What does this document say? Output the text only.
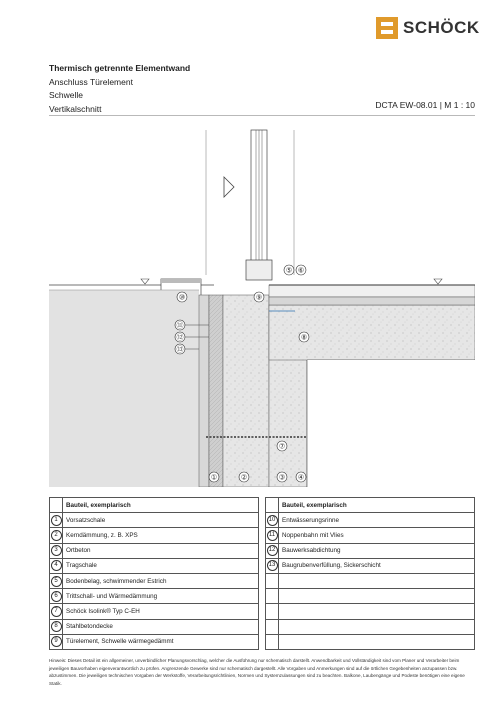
SCHÖCK
Thermisch getrennte Elementwand
Anschluss Türelement
Schwelle
Vertikalschnitt	DCTA EW-08.01 | M 1 : 10
①	②	③ ④
⑤ ⑥
⑦
⑧
⑨
⑩
⑪
⑫
⑬
	Bauteil, exemplarisch			Bauteil, exemplarisch
1	Vorsatzschale		10	Entwässerungsrinne
2	Kerndämmung, z. B. XPS		11	Noppenbahn mit Vlies
3	Ortbeton		12	Bauwerksabdichtung
4	Tragschale		13	Baugrubenverfüllung, Sickerschicht
5	Bodenbelag, schwimmender Estrich			
6	Trittschall- und Wärmedämmung			
7	Schöck Isolink® Typ C-EH			
8	Stahlbetondecke			
9	Türelement, Schwelle wärmegedämmt			
Hinweis: Dieses Detail ist ein allgemeiner, unverbindlicher Planungsvorschlag, welcher die Ausführung nur schematisch darstellt. Anwendbarkeit und Vollständigkeit sind vom Planer und Verarbeiter beim jeweiligen Bauvorhaben eigenverantwortlich zu prüfen. Angrenzende Gewerke sind nur schematisch dargestellt. Alle Vorgaben und Anmerkungen sind auf die örtlichen Gegebenheiten anzupassen bzw. abzustimmen. Die jeweiligen technischen Vorgaben der Werkstoffe, Verarbeitungsrichtlinien, Normen und Systemzulassungen sind zu beachten. Balkone, Laubengänge und Podeste benötigen eine eigene Statik.
